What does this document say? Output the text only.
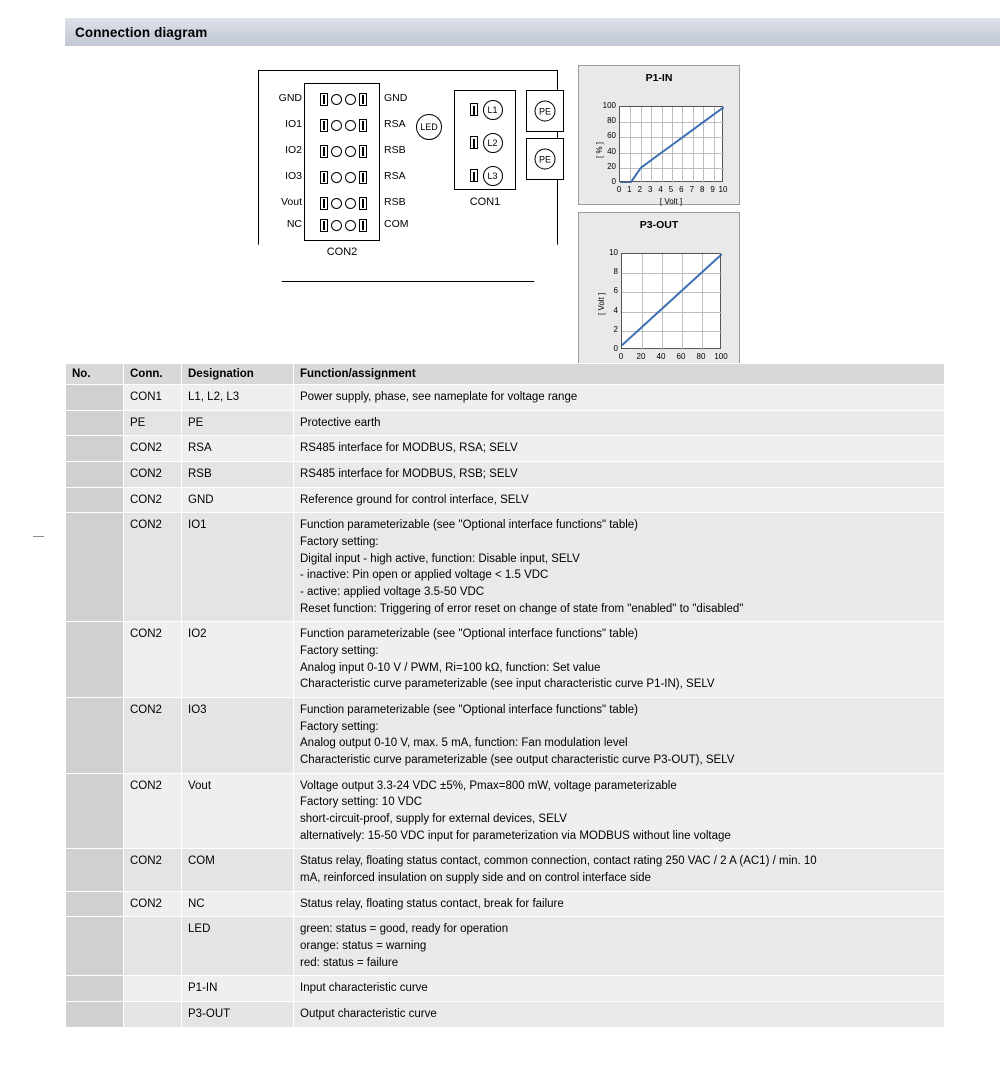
Connection diagram
CON2
LED
L1
L2
L3
CON1
PE
PE
GND	GND
IO1	RSA
IO2	RSB
IO3	RSA
Vout	RSB
NC	COM
P1-IN
0 1 2 3 4 5 6 7 8 9 10
0
20
40
60
80
100
[ Volt ]
[ % ]
P3-OUT
0	20	40	60	80	100
0
2
4
6
8
10
[ Volt ]
No.	Conn.	Designation	Function/assignment
	CON1	L1, L2, L3	Power supply, phase, see nameplate for voltage range

	PE	PE	Protective earth

	CON2	RSA	RS485 interface for MODBUS, RSA; SELV

	CON2	RSB	RS485 interface for MODBUS, RSB; SELV

	CON2	GND	Reference ground for control interface, SELV

	CON2	IO1	Function parameterizable (see "Optional interface functions" table)
Factory setting:
Digital input - high active, function: Disable input, SELV
- inactive: Pin open or applied voltage < 1.5 VDC
- active: applied voltage 3.5-50 VDC
Reset function: Triggering of error reset on change of state from "enabled" to "disabled"

	CON2	IO2	Function parameterizable (see "Optional interface functions" table)
Factory setting:
Analog input 0-10 V / PWM, Ri=100 kΩ, function: Set value
Characteristic curve parameterizable (see input characteristic curve P1-IN), SELV

	CON2	IO3	Function parameterizable (see "Optional interface functions" table)
Factory setting:
Analog output 0-10 V, max. 5 mA, function: Fan modulation level
Characteristic curve parameterizable (see output characteristic curve P3-OUT), SELV

	CON2	Vout	Voltage output 3.3-24 VDC ±5%, Pmax=800 mW, voltage parameterizable
Factory setting: 10 VDC
short-circuit-proof, supply for external devices, SELV
alternatively: 15-50 VDC input for parameterization via MODBUS without line voltage

	CON2	COM	Status relay, floating status contact, common connection, contact rating 250 VAC / 2 A (AC1) / min. 10
mA, reinforced insulation on supply side and on control interface side

	CON2	NC	Status relay, floating status contact, break for failure

		LED	green: status = good, ready for operation
orange: status = warning
red: status = failure

		P1-IN	Input characteristic curve

		P3-OUT	Output characteristic curve
